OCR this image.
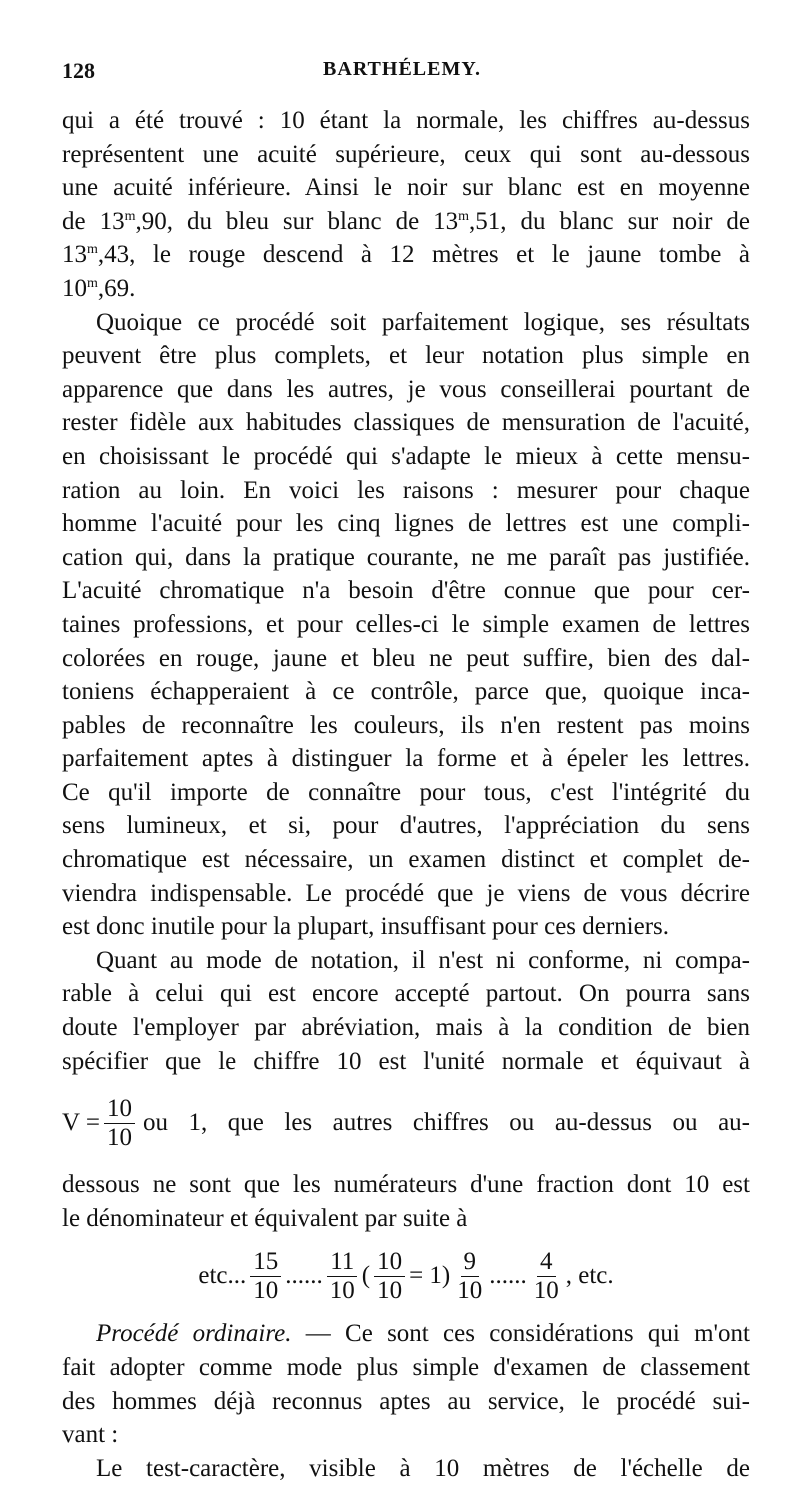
128	BARTHÉLEMY.
qui a été trouvé : 10 étant la normale, les chiffres au-dessus
représentent une acuité supérieure, ceux qui sont au-dessous
une acuité inférieure. Ainsi le noir sur blanc est en moyenne
de 13$^m$,90, du bleu sur blanc de 13$^m$,51, du blanc sur noir de
13$^m$,43, le rouge descend à 12 mètres et le jaune tombe à
10$^m$,69.
Quoique ce procédé soit parfaitement logique, ses résultats
peuvent être plus complets, et leur notation plus simple en
apparence que dans les autres, je vous conseillerai pourtant de
rester fidèle aux habitudes classiques de mensuration de l'acuité,
en choisissant le procédé qui s'adapte le mieux à cette mensu-
ration au loin. En voici les raisons : mesurer pour chaque
homme l'acuité pour les cinq lignes de lettres est une compli-
cation qui, dans la pratique courante, ne me paraît pas justifiée.
L'acuité chromatique n'a besoin d'être connue que pour cer-
taines professions, et pour celles-ci le simple examen de lettres
colorées en rouge, jaune et bleu ne peut suffire, bien des dal-
toniens échapperaient à ce contrôle, parce que, quoique inca-
pables de reconnaître les couleurs, ils n'en restent pas moins
parfaitement aptes à distinguer la forme et à épeler les lettres.
Ce qu'il importe de connaître pour tous, c'est l'intégrité du
sens lumineux, et si, pour d'autres, l'appréciation du sens
chromatique est nécessaire, un examen distinct et complet de-
viendra indispensable. Le procédé que je viens de vous décrire
est donc inutile pour la plupart, insuffisant pour ces derniers.
Quant au mode de notation, il n'est ni conforme, ni compa-
rable à celui qui est encore accepté partout. On pourra sans
doute l'employer par abréviation, mais à la condition de bien
spécifier que le chiffre 10 est l'unité normale et équivaut à
$V = \frac{10}{10}$ ou 1, que les autres chiffres ou au-dessus ou au-
dessous ne sont que les numérateurs d'une fraction dont 10 est
le dénominateur et équivalent par suite à
etc... $\frac{15}{10}$ ...... $\frac{11}{10}$ ( $\frac{10}{10} = 1) \frac{9}{10}$ ...... $\frac{4}{10}$ , etc.
Procédé ordinaire. — Ce sont ces considérations qui m'ont
fait adopter comme mode plus simple d'examen de classement
des hommes déjà reconnus aptes au service, le procédé sui-
vant :
Le test-caractère, visible à 10 mètres de l'échelle de
